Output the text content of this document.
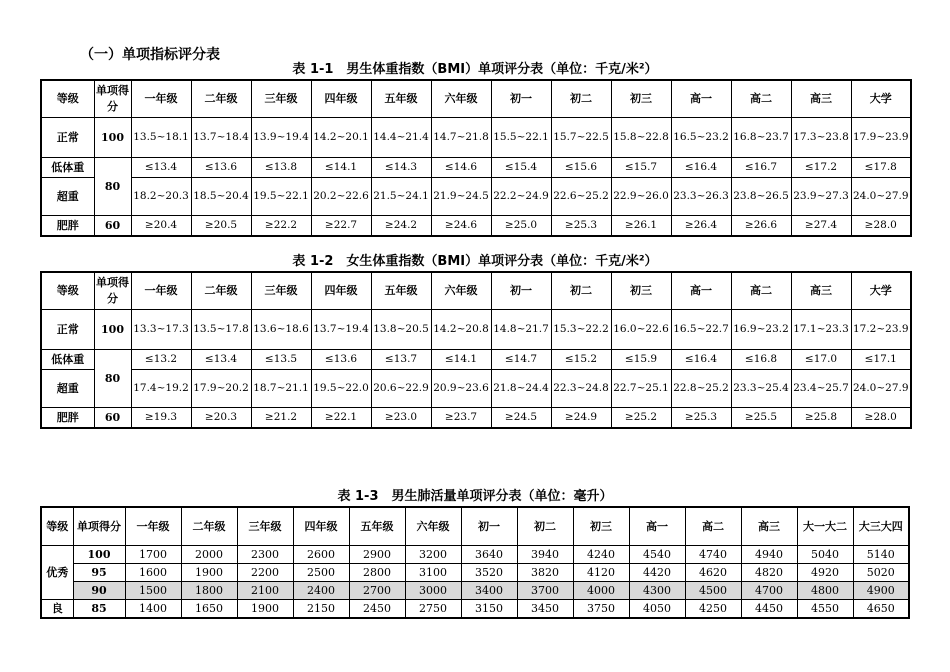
（一）单项指标评分表
表 1-1　男生体重指数（BMI）单项评分表（单位：千克/米²）
等级	单项得分	一年级	二年级	三年级	四年级	五年级	六年级	初一	初二	初三	高一	高二	高三	大学
正常	100	13.5~18.1	13.7~18.4	13.9~19.4	14.2~20.1	14.4~21.4	14.7~21.8	15.5~22.1	15.7~22.5	15.8~22.8	16.5~23.2	16.8~23.7	17.3~23.8	17.9~23.9
低体重	80	≤13.4	≤13.6	≤13.8	≤14.1	≤14.3	≤14.6	≤15.4	≤15.6	≤15.7	≤16.4	≤16.7	≤17.2	≤17.8
超重		18.2~20.3	18.5~20.4	19.5~22.1	20.2~22.6	21.5~24.1	21.9~24.5	22.2~24.9	22.6~25.2	22.9~26.0	23.3~26.3	23.8~26.5	23.9~27.3	24.0~27.9
肥胖	60	≥20.4	≥20.5	≥22.2	≥22.7	≥24.2	≥24.6	≥25.0	≥25.3	≥26.1	≥26.4	≥26.6	≥27.4	≥28.0
表 1-2　女生体重指数（BMI）单项评分表（单位：千克/米²）
等级	单项得分	一年级	二年级	三年级	四年级	五年级	六年级	初一	初二	初三	高一	高二	高三	大学
正常	100	13.3~17.3	13.5~17.8	13.6~18.6	13.7~19.4	13.8~20.5	14.2~20.8	14.8~21.7	15.3~22.2	16.0~22.6	16.5~22.7	16.9~23.2	17.1~23.3	17.2~23.9
低体重	80	≤13.2	≤13.4	≤13.5	≤13.6	≤13.7	≤14.1	≤14.7	≤15.2	≤15.9	≤16.4	≤16.8	≤17.0	≤17.1
超重		17.4~19.2	17.9~20.2	18.7~21.1	19.5~22.0	20.6~22.9	20.9~23.6	21.8~24.4	22.3~24.8	22.7~25.1	22.8~25.2	23.3~25.4	23.4~25.7	24.0~27.9
肥胖	60	≥19.3	≥20.3	≥21.2	≥22.1	≥23.0	≥23.7	≥24.5	≥24.9	≥25.2	≥25.3	≥25.5	≥25.8	≥28.0
表 1-3　男生肺活量单项评分表（单位：毫升）
等级	单项得分	一年级	二年级	三年级	四年级	五年级	六年级	初一	初二	初三	高一	高二	高三	大一大二	大三大四
优秀	100	1700	2000	2300	2600	2900	3200	3640	3940	4240	4540	4740	4940	5040	5140
	95	1600	1900	2200	2500	2800	3100	3520	3820	4120	4420	4620	4820	4920	5020
	90	1500	1800	2100	2400	2700	3000	3400	3700	4000	4300	4500	4700	4800	4900
良	85	1400	1650	1900	2150	2450	2750	3150	3450	3750	4050	4250	4450	4550	4650
